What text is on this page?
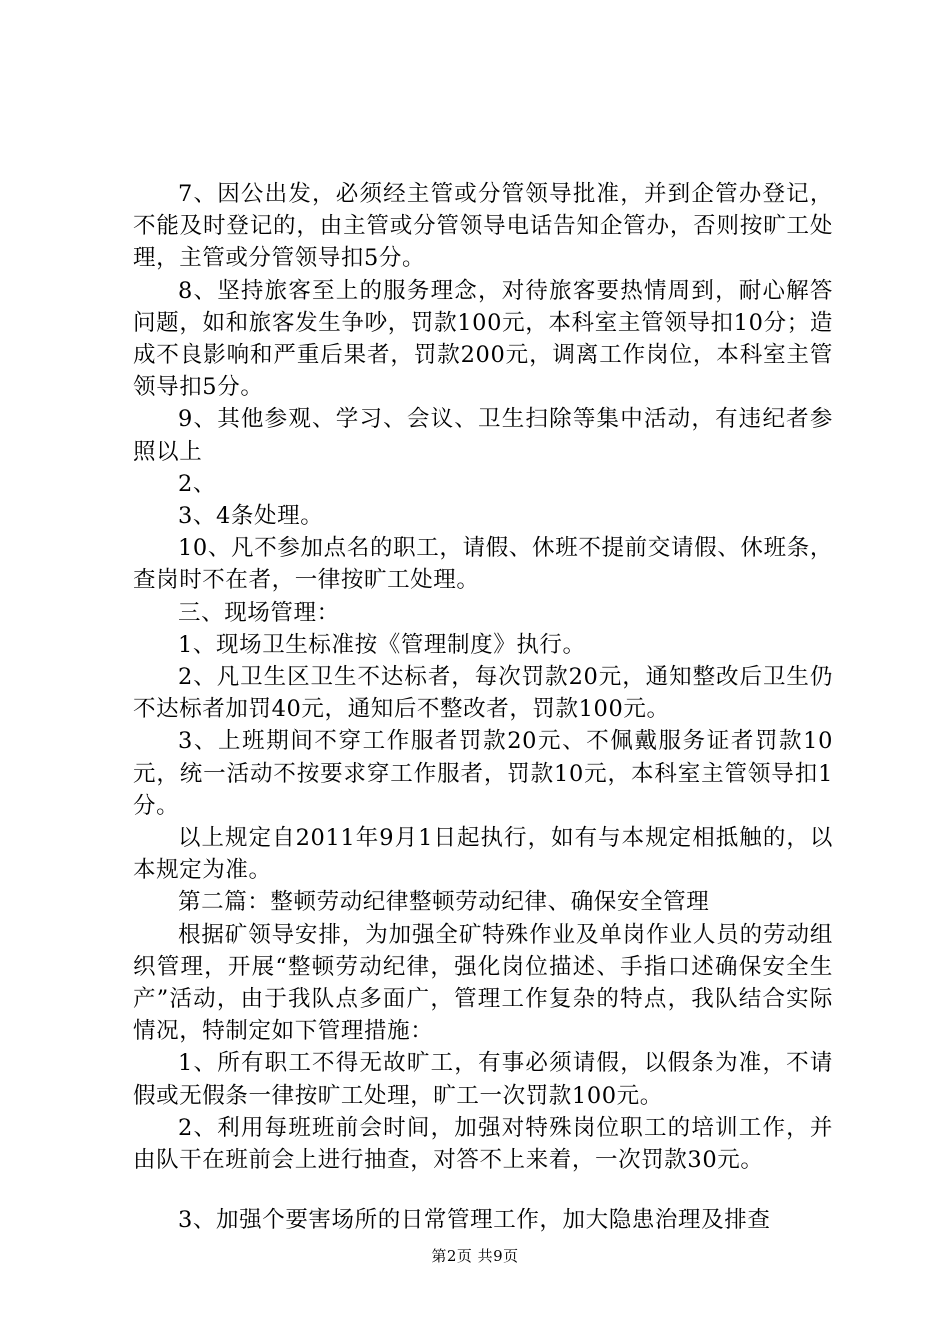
7、因公出发，必须经主管或分管领导批准，并到企管办登记，不能及时登记的，由主管或分管领导电话告知企管办，否则按旷工处理，主管或分管领导扣5分。

8、坚持旅客至上的服务理念，对待旅客要热情周到，耐心解答问题，如和旅客发生争吵，罚款100元，本科室主管领导扣10分；造成不良影响和严重后果者，罚款200元，调离工作岗位，本科室主管领导扣5分。

9、其他参观、学习、会议、卫生扫除等集中活动，有违纪者参照以上

2、

3、4条处理。

10、凡不参加点名的职工，请假、休班不提前交请假、休班条，查岗时不在者，一律按旷工处理。

三、现场管理：

1、现场卫生标准按《管理制度》执行。

2、凡卫生区卫生不达标者，每次罚款20元，通知整改后卫生仍不达标者加罚40元，通知后不整改者，罚款100元。

3、上班期间不穿工作服者罚款20元、不佩戴服务证者罚款10元，统一活动不按要求穿工作服者，罚款10元，本科室主管领导扣1分。

以上规定自2011年9月1日起执行，如有与本规定相抵触的，以本规定为准。

第二篇：整顿劳动纪律整顿劳动纪律、确保安全管理

根据矿领导安排，为加强全矿特殊作业及单岗作业人员的劳动组织管理，开展“整顿劳动纪律，强化岗位描述、手指口述确保安全生产”活动，由于我队点多面广，管理工作复杂的特点，我队结合实际情况，特制定如下管理措施：

1、所有职工不得无故旷工，有事必须请假，以假条为准，不请假或无假条一律按旷工处理，旷工一次罚款100元。

2、利用每班班前会时间，加强对特殊岗位职工的培训工作，并由队干在班前会上进行抽查，对答不上来着，一次罚款30元。

3、加强个要害场所的日常管理工作，加大隐患治理及排查

第2页 共9页
